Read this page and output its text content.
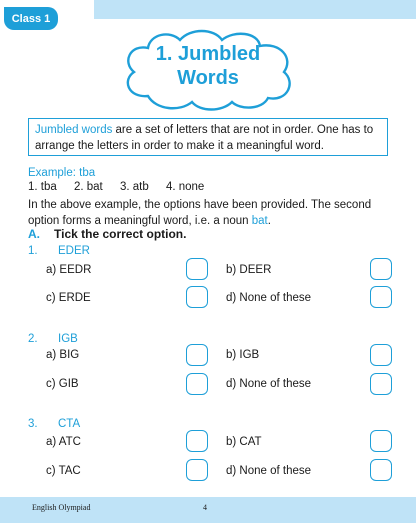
Class 1
1. Jumbled
Words
Jumbled words are a set of letters that are not in order. One has to arrange the letters in order to make it a meaningful word.
Example: tba
1. tba 2. bat 3. atb 4. none
In the above example, the options have been provided. The second option forms a meaningful word, i.e. a noun bat.
A. Tick the correct option.
1. EDER
a) EEDR	b) DEER
c) ERDE	d) None of these
2. IGB
a) BIG	b) IGB
c) GIB	d) None of these
3. CTA
a) ATC	b) CAT
c) TAC	d) None of these
English Olympiad	4
